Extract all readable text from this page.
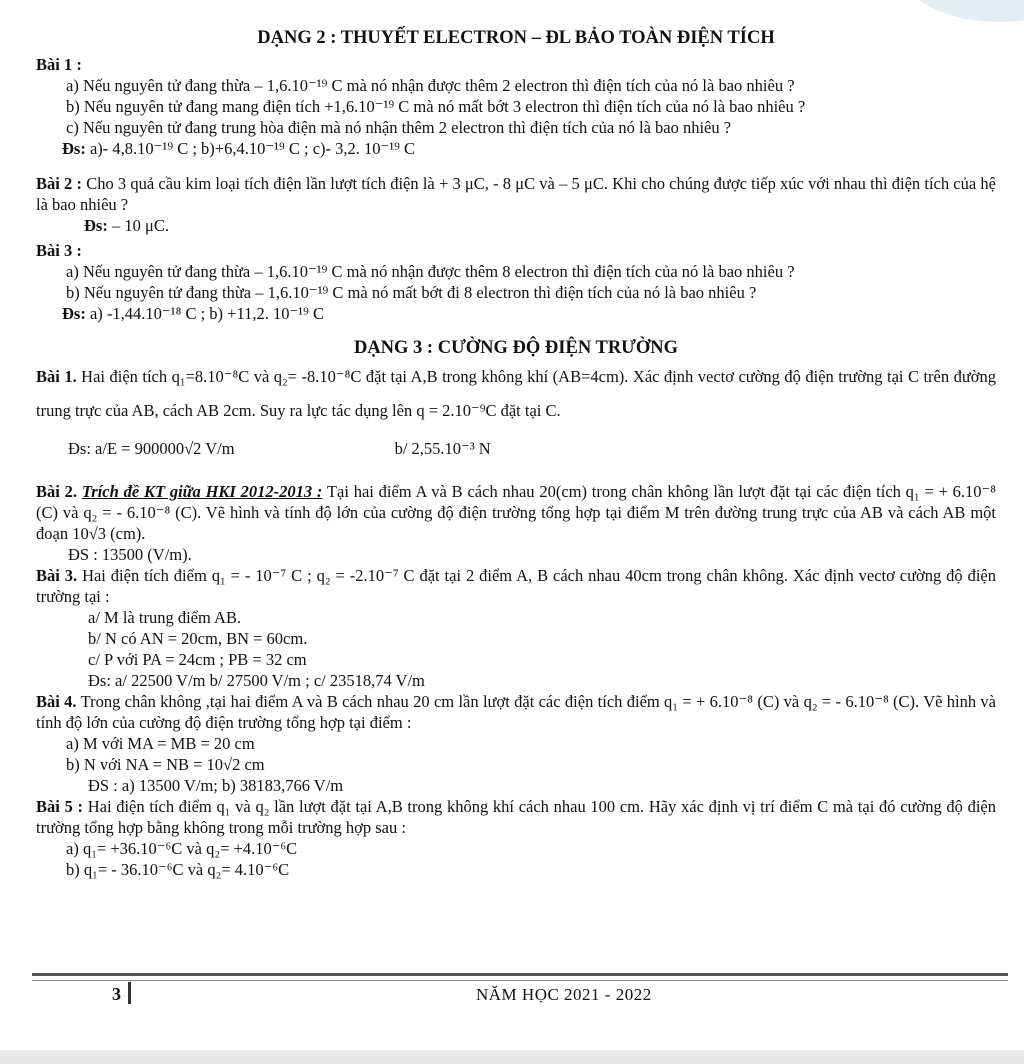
DẠNG 2 : THUYẾT ELECTRON – ĐL BẢO TOÀN ĐIỆN TÍCH
Bài 1 :

a) Nếu nguyên tử đang thừa – 1,6.10⁻¹⁹ C mà nó nhận được thêm 2 electron thì điện tích của nó là bao nhiêu ?

b) Nếu nguyên tử đang mang điện tích +1,6.10⁻¹⁹ C mà nó mất bớt 3 electron thì điện tích của nó là bao nhiêu ?

c) Nếu nguyên tử đang trung hòa điện mà nó nhận thêm 2 electron thì điện tích của nó là bao nhiêu ?

Đs: a)- 4,8.10⁻¹⁹ C ; b)+6,4.10⁻¹⁹ C ; c)- 3,2. 10⁻¹⁹ C

Bài 2 : Cho 3 quả cầu kim loại tích điện lần lượt tích điện là + 3 μC, - 8 μC và – 5 μC. Khi cho chúng được tiếp xúc với nhau thì điện tích của hệ là bao nhiêu ?

Đs: – 10 μC.

Bài 3 :

a) Nếu nguyên tử đang thừa – 1,6.10⁻¹⁹ C mà nó nhận được thêm 8 electron thì điện tích của nó là bao nhiêu ?

b) Nếu nguyên tử đang thừa – 1,6.10⁻¹⁹ C mà nó mất bớt đi 8 electron thì điện tích của nó là bao nhiêu ?

Đs: a) -1,44.10⁻¹⁸ C ; b) +11,2. 10⁻¹⁹ C

DẠNG 3 : CƯỜNG ĐỘ ĐIỆN TRƯỜNG

Bài 1. Hai điện tích q₁=8.10⁻⁸C và q₂= -8.10⁻⁸C đặt tại A,B trong không khí (AB=4cm). Xác định vectơ cường độ điện trường tại C trên đường trung trực của AB, cách AB 2cm. Suy ra lực tác dụng lên q = 2.10⁻⁹C đặt tại C.

Đs: a/E = 900000√2 V/m	b/ 2,55.10⁻³ N

Bài 2. Trích đề KT giữa HKI 2012-2013 : Tại hai điểm A và B cách nhau 20(cm) trong chân không lần lượt đặt tại các điện tích q₁ = + 6.10⁻⁸ (C) và q₂ = - 6.10⁻⁸ (C). Vẽ hình và tính độ lớn của cường độ điện trường tổng hợp tại điểm M trên đường trung trực của AB và cách AB một đoạn 10√3 (cm).

ĐS : 13500 (V/m).

Bài 3. Hai điện tích điểm q₁ = - 10⁻⁷ C ; q₂ = -2.10⁻⁷ C đặt tại 2 điểm A, B cách nhau 40cm trong chân không. Xác định vectơ cường độ điện trường tại :

a/ M là trung điểm AB.

b/ N có AN = 20cm, BN = 60cm.

c/ P với PA = 24cm ; PB = 32 cm

Đs: a/ 22500 V/m b/ 27500 V/m ; c/ 23518,74 V/m

Bài 4. Trong chân không ,tại hai điểm A và B cách nhau 20 cm lần lượt đặt các điện tích điểm q₁ = + 6.10⁻⁸ (C) và q₂ = - 6.10⁻⁸ (C). Vẽ hình và tính độ lớn của cường độ điện trường tổng hợp tại điểm :

a) M với MA = MB = 20 cm

b) N với NA = NB = 10√2 cm

ĐS : a) 13500 V/m; b) 38183,766 V/m

Bài 5 : Hai điện tích điểm q₁ và q₂ lần lượt đặt tại A,B trong không khí cách nhau 100 cm. Hãy xác định vị trí điểm C mà tại đó cường độ điện trường tổng hợp bằng không trong mỗi trường hợp sau :

a) q₁= +36.10⁻⁶C và q₂= +4.10⁻⁶C

b) q₁= - 36.10⁻⁶C và q₂= 4.10⁻⁶C

3	NĂM HỌC 2021 - 2022
